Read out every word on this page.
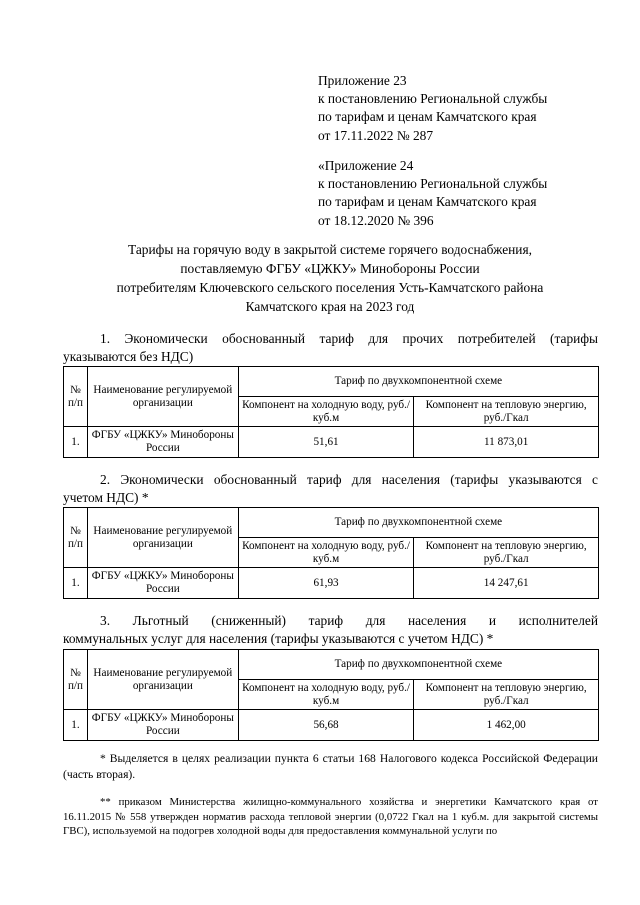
Приложение 23
к постановлению Региональной службы
по тарифам и ценам Камчатского края
от 17.11.2022 № 287
«Приложение 24
к постановлению Региональной службы
по тарифам и ценам Камчатского края
от 18.12.2020 № 396
Тарифы на горячую воду в закрытой системе горячего водоснабжения,
поставляемую ФГБУ «ЦЖКУ» Минобороны России
потребителям Ключевского сельского поселения Усть-Камчатского района
Камчатского края на 2023 год
1. Экономически обоснованный тариф для прочих потребителей (тарифы
указываются без НДС)
№ п/п	Наименование регулируемой организации	Тариф по двухкомпонентной схеме	
		Компонент на холодную воду, руб./куб.м	Компонент на тепловую энергию, руб./Гкал
1.	ФГБУ «ЦЖКУ» Минобороны России	51,61	11 873,01
2. Экономически обоснованный тариф для населения (тарифы указываются с
учетом НДС) *
№ п/п	Наименование регулируемой организации	Тариф по двухкомпонентной схеме	
		Компонент на холодную воду, руб./куб.м	Компонент на тепловую энергию, руб./Гкал
1.	ФГБУ «ЦЖКУ» Минобороны России	61,93	14 247,61
3. Льготный (сниженный) тариф для населения и исполнителей
коммунальных услуг для населения (тарифы указываются с учетом НДС) *
№ п/п	Наименование регулируемой организации	Тариф по двухкомпонентной схеме	
		Компонент на холодную воду, руб./куб.м	Компонент на тепловую энергию, руб./Гкал
1.	ФГБУ «ЦЖКУ» Минобороны России	56,68	1 462,00
* Выделяется в целях реализации пункта 6 статьи 168 Налогового кодекса Российской Федерации (часть вторая).
** приказом Министерства жилищно-коммунального хозяйства и энергетики Камчатского края от 16.11.2015 № 558 утвержден норматив расхода тепловой энергии (0,0722 Гкал на 1 куб.м. для закрытой системы ГВС), используемой на подогрев холодной воды для предоставления коммунальной услуги по
